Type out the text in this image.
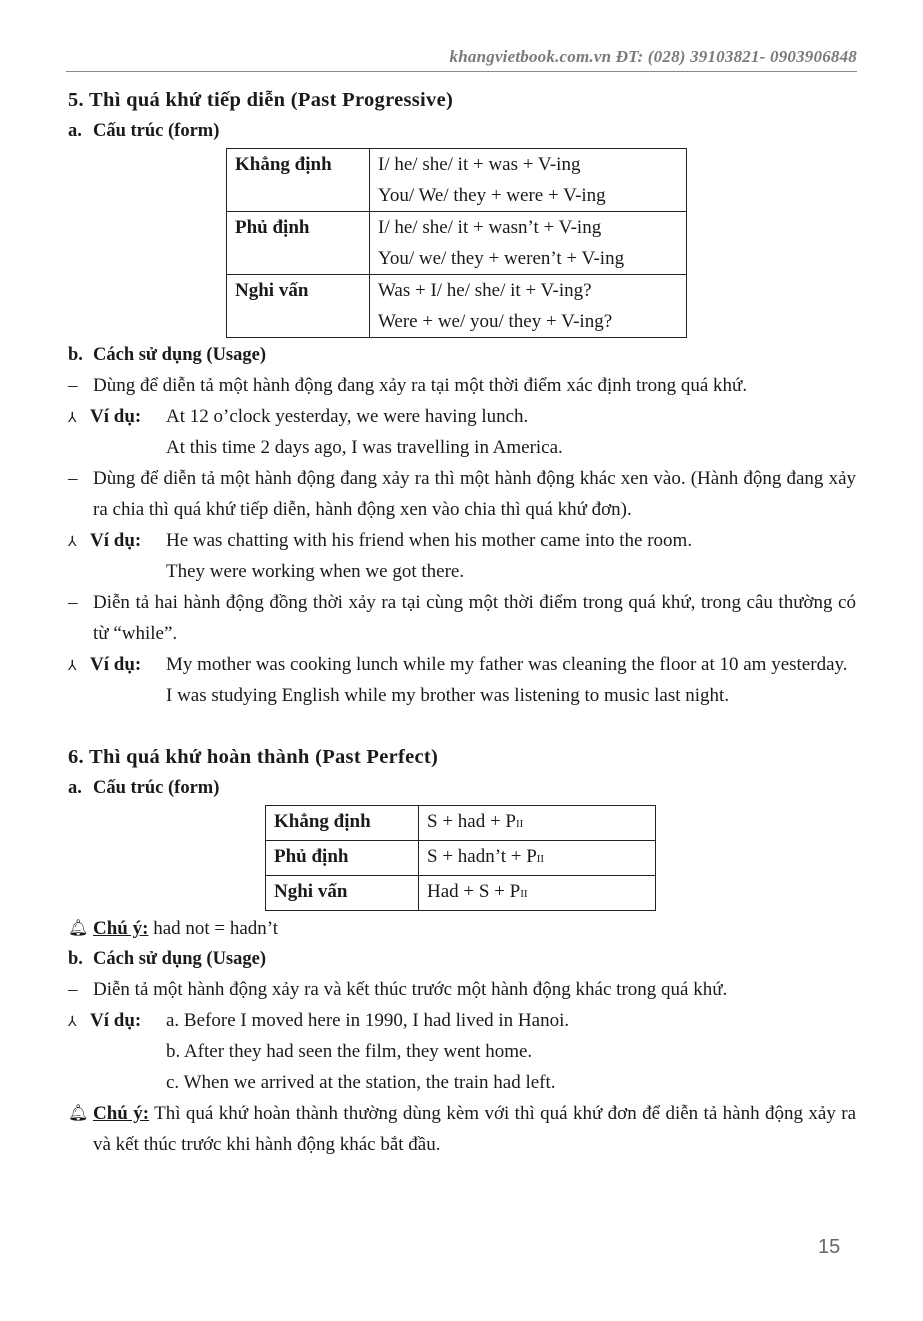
khangvietbook.com.vn ĐT: (028) 39103821- 0903906848
5. Thì quá khứ tiếp diễn (Past Progressive)
a. Cấu trúc (form)
Khẳng định	I/ he/ she/ it + was + V-ing
You/ We/ they + were + V-ing

Phủ định	I/ he/ she/ it + wasn’t + V-ing
You/ we/ they + weren’t + V-ing

Nghi vấn	Was + I/ he/ she/ it + V-ing?
Were + we/ you/ they + V-ing?
b. Cách sử dụng (Usage)
– Dùng để diễn tả một hành động đang xảy ra tại một thời điểm xác định trong quá khứ.
⅄ Ví dụ: At 12 o’clock yesterday, we were having lunch.
At this time 2 days ago, I was travelling in America.
– Dùng để diễn tả một hành động đang xảy ra thì một hành động khác xen vào. (Hành động đang xảy ra chia thì quá khứ tiếp diễn, hành động xen vào chia thì quá khứ đơn).
⅄ Ví dụ: He was chatting with his friend when his mother came into the room.
They were working when we got there.
– Diễn tả hai hành động đồng thời xảy ra tại cùng một thời điểm trong quá khứ, trong câu thường có từ “while”.
⅄ Ví dụ: My mother was cooking lunch while my father was cleaning the floor at 10 am yesterday.
I was studying English while my brother was listening to music last night.
6. Thì quá khứ hoàn thành (Past Perfect)
a. Cấu trúc (form)
Khẳng định	S + had + PII
Phủ định	S + hadn’t + PII
Nghi vấn	Had + S + PII
🔔︎ Chú ý: had not = hadn’t
b. Cách sử dụng (Usage)
– Diễn tả một hành động xảy ra và kết thúc trước một hành động khác trong quá khứ.
⅄ Ví dụ: a. Before I moved here in 1990, I had lived in Hanoi.
b. After they had seen the film, they went home.
c. When we arrived at the station, the train had left.
🔔︎ Chú ý: Thì quá khứ hoàn thành thường dùng kèm với thì quá khứ đơn để diễn tả hành động xảy ra và kết thúc trước khi hành động khác bắt đầu.
15
